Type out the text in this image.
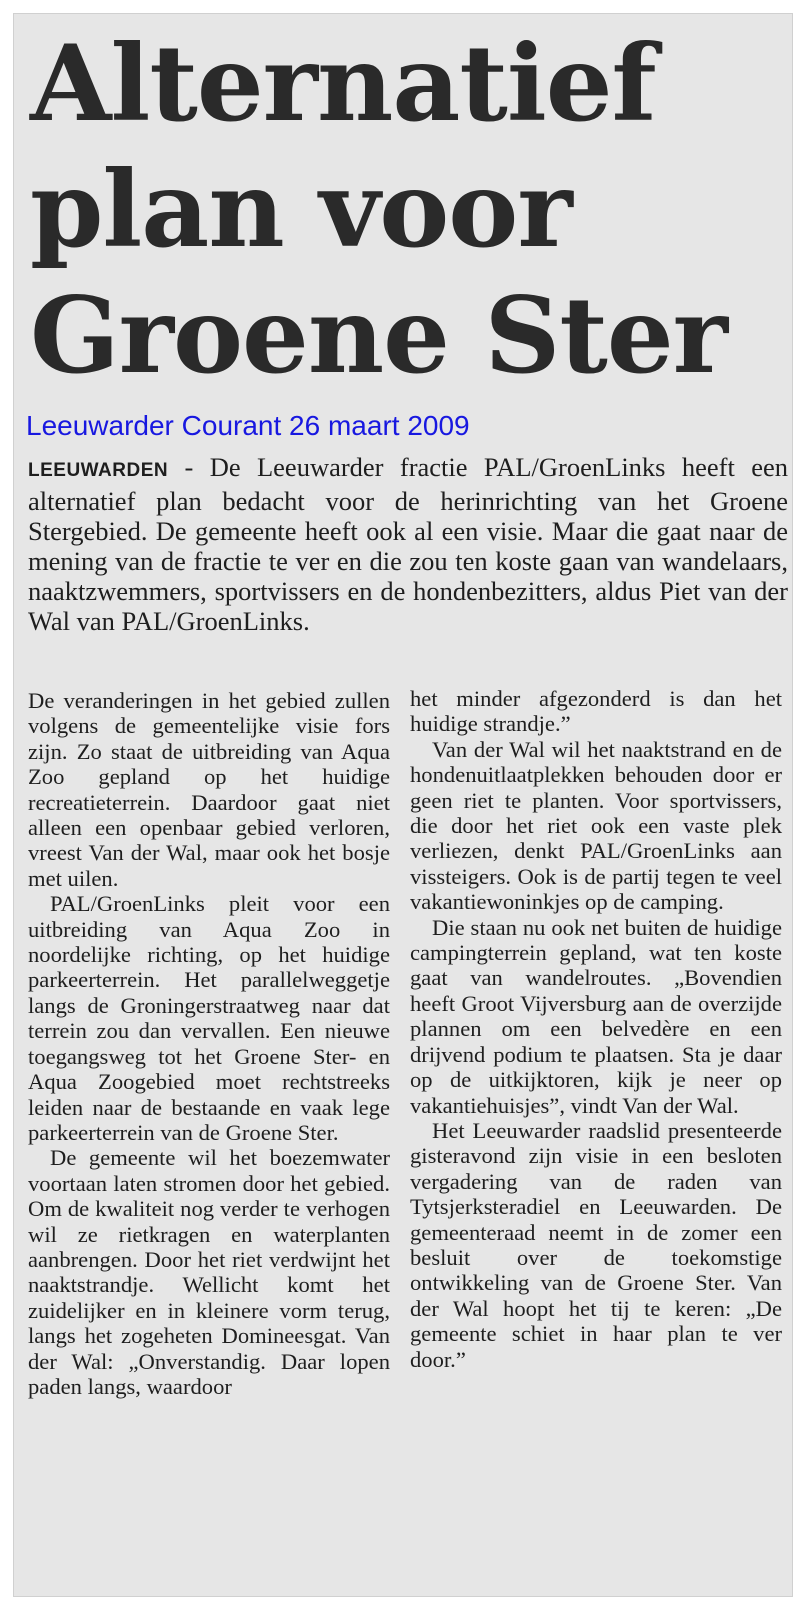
Alternatief
plan voor
Groene Ster
Leeuwarder Courant 26 maart 2009

LEEUWARDEN - De Leeuwarder fractie PAL/GroenLinks heeft een alternatief plan bedacht voor de herinrichting van het Groene Stergebied. De gemeente heeft ook al een visie. Maar die gaat naar de mening van de fractie te ver en die zou ten koste gaan van wandelaars, naaktzwemmers, sportvissers en de hondenbezitters, aldus Piet van der Wal van PAL/GroenLinks.

De veranderingen in het gebied zullen volgens de gemeentelijke visie fors zijn. Zo staat de uitbreiding van Aqua Zoo gepland op het huidige recreatieterrein. Daardoor gaat niet alleen een openbaar gebied verloren, vreest Van der Wal, maar ook het bosje met uilen.

PAL/GroenLinks pleit voor een uitbreiding van Aqua Zoo in noordelijke richting, op het huidige parkeerterrein. Het parallelweggetje langs de Groningerstraatweg naar dat terrein zou dan vervallen. Een nieuwe toegangsweg tot het Groene Ster- en Aqua Zoogebied moet rechtstreeks leiden naar de bestaande en vaak lege parkeerterrein van de Groene Ster.

De gemeente wil het boezemwater voortaan laten stromen door het gebied. Om de kwaliteit nog verder te verhogen wil ze rietkragen en waterplanten aanbrengen. Door het riet verdwijnt het naaktstrandje. Wellicht komt het zuidelijker en in kleinere vorm terug, langs het zogeheten Domineesgat. Van der Wal: „Onverstandig. Daar lopen paden langs, waardoor

het minder afgezonderd is dan het huidige strandje.”

Van der Wal wil het naaktstrand en de hondenuitlaatplekken behouden door er geen riet te planten. Voor sportvissers, die door het riet ook een vaste plek verliezen, denkt PAL/GroenLinks aan vissteigers. Ook is de partij tegen te veel vakantiewoninkjes op de camping.

Die staan nu ook net buiten de huidige campingterrein gepland, wat ten koste gaat van wandelroutes. „Bovendien heeft Groot Vijversburg aan de overzijde plannen om een belvedère en een drijvend podium te plaatsen. Sta je daar op de uitkijktoren, kijk je neer op vakantiehuisjes”, vindt Van der Wal.

Het Leeuwarder raadslid presenteerde gisteravond zijn visie in een besloten vergadering van de raden van Tytsjerksteradiel en Leeuwarden. De gemeenteraad neemt in de zomer een besluit over de toekomstige ontwikkeling van de Groene Ster. Van der Wal hoopt het tij te keren: „De gemeente schiet in haar plan te ver door.”
